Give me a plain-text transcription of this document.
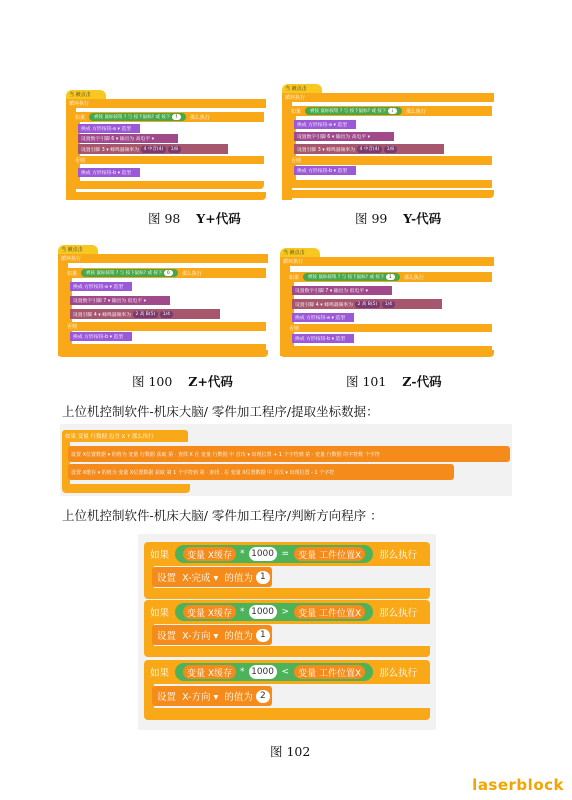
当 被点击
循环执行
如果 被按 鼠标按钮 ? 与 按下鼠标? 或 按下
	f	那么执行
换成 方形按钮-a ▾ 造型
设置数字引脚 6 ▾ 输出为 高电平 ▾
设置引脚 3 ▾ 蜂鸣器频率为
	4 中音(4)
	1/8
否则
换成 方形按钮-b ▾ 造型
当 被点击
循环执行
如果 被按 鼠标按钮 ? 与 按下鼠标? 或 按下
	i	那么执行
换成 方形按钮-a ▾ 造型
设置数字引脚 6 ▾ 输出为 高电平 ▾
设置引脚 3 ▾ 蜂鸣器频率为
	4 中音(4)
	1/8
否则
换成 方形按钮-b ▾ 造型
图 98 Y+代码	图 99 Y-代码
当 被点击
循环执行
如果 被按 鼠标按钮 ? 与 按下鼠标? 或 按下
	0	那么执行
换成 方形按钮-a ▾ 造型
设置数字引脚 7 ▾ 输出为 低电平 ▾
设置引脚 4 ▾ 蜂鸣器频率为
	2 高 B(5)
	1/4
否则
换成 方形按钮-b ▾ 造型
当 被点击
循环执行
如果 被按 鼠标按钮 ? 与 按下鼠标? 或 按下
	1	那么执行
设置数字引脚 7 ▾ 输出为 低电平 ▾
设置引脚 4 ▾ 蜂鸣器频率为
	2 高 B(5)
	1/4
换成 方形按钮-a ▾ 造型
否则
换成 方形按钮-b ▾ 造型
图 100 Z+代码	图 101 Z-代码
上位机控制软件-机床大脑/ 零件加工程序/提取坐标数据：
如果 变量 行数据 包含 X ? 那么执行
设置 X位置数据 ▾ 的值为 变量 行数据 获取 第 · 查找 X 在 变量 行数据 中 首次 ▾ 出现位置 + 1 个字符到 第 · 变量 行数据 的字符数 个字符
设置 X缓存 ▾ 的值为 变量 X位置数据 获取 第 1 个字符到 第 · 查找 , 在 变量 X位置数据 中 首次 ▾ 出现位置 - 1 个字符
上位机控制软件-机床大脑/ 零件加工程序/判断方向程序 ：
如果	变量 X缓存 * 1000 =	变量 工件位置X	那么执行
设置
X-完成 ▾
的值为
1
如果	变量 X缓存 * 1000 >	变量 工件位置X	那么执行
设置
X-方向 ▾
的值为
1
如果	变量 X缓存 * 1000 <	变量 工件位置X	那么执行
设置
X-方向 ▾
的值为
2
图 102
laserblock
